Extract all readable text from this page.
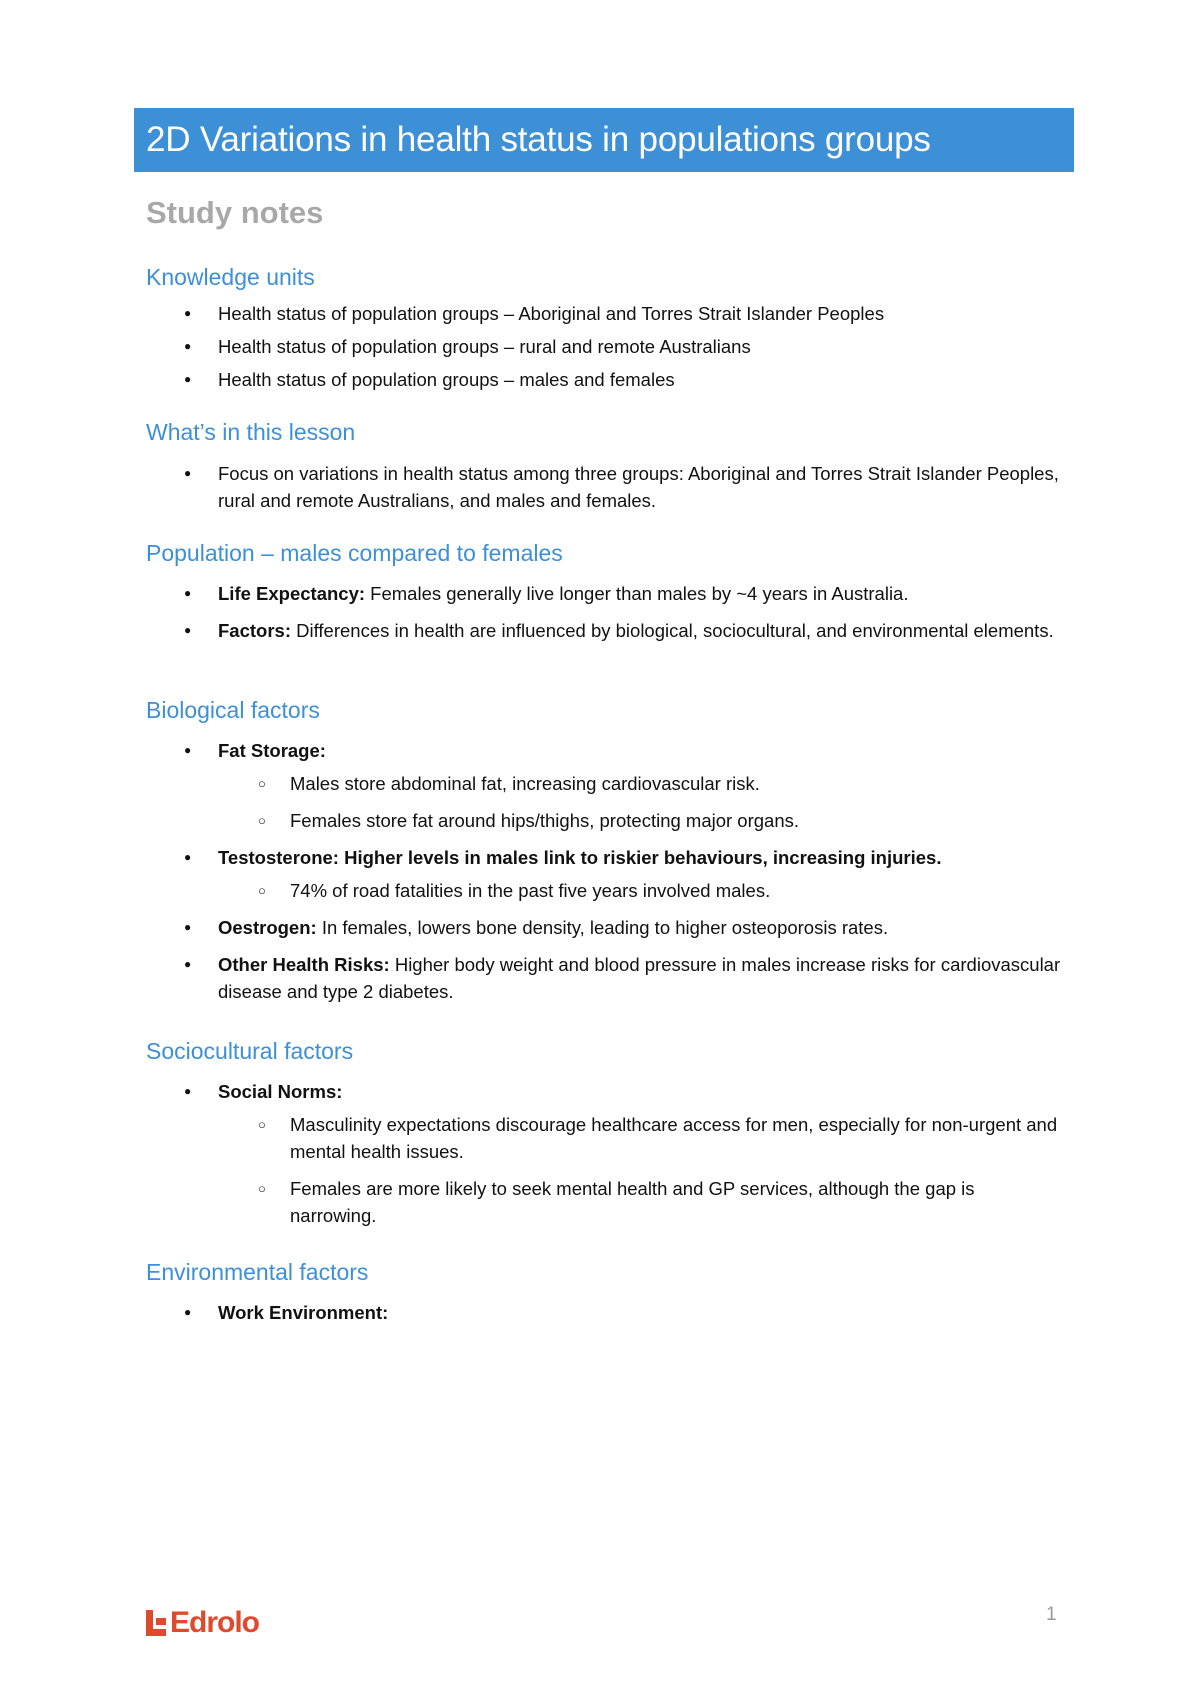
2D Variations in health status in populations groups
Study notes
Knowledge units
● Health status of population groups – Aboriginal and Torres Strait Islander Peoples
● Health status of population groups – rural and remote Australians
● Health status of population groups – males and females
What’s in this lesson
● Focus on variations in health status among three groups: Aboriginal and Torres Strait Islander Peoples, rural and remote Australians, and males and females.
Population – males compared to females
● Life Expectancy: Females generally live longer than males by ~4 years in Australia.
● Factors: Differences in health are influenced by biological, sociocultural, and environmental elements.
Biological factors
● Fat Storage:
○ Males store abdominal fat, increasing cardiovascular risk.
○ Females store fat around hips/thighs, protecting major organs.
● Testosterone: Higher levels in males link to riskier behaviours, increasing injuries.
○ 74% of road fatalities in the past five years involved males.
● Oestrogen: In females, lowers bone density, leading to higher osteoporosis rates.
● Other Health Risks: Higher body weight and blood pressure in males increase risks for cardiovascular disease and type 2 diabetes.
Sociocultural factors
● Social Norms:
○ Masculinity expectations discourage healthcare access for men, especially for non-urgent and mental health issues.
○ Females are more likely to seek mental health and GP services, although the gap is narrowing.
Environmental factors
● Work Environment:
Edrolo	1
